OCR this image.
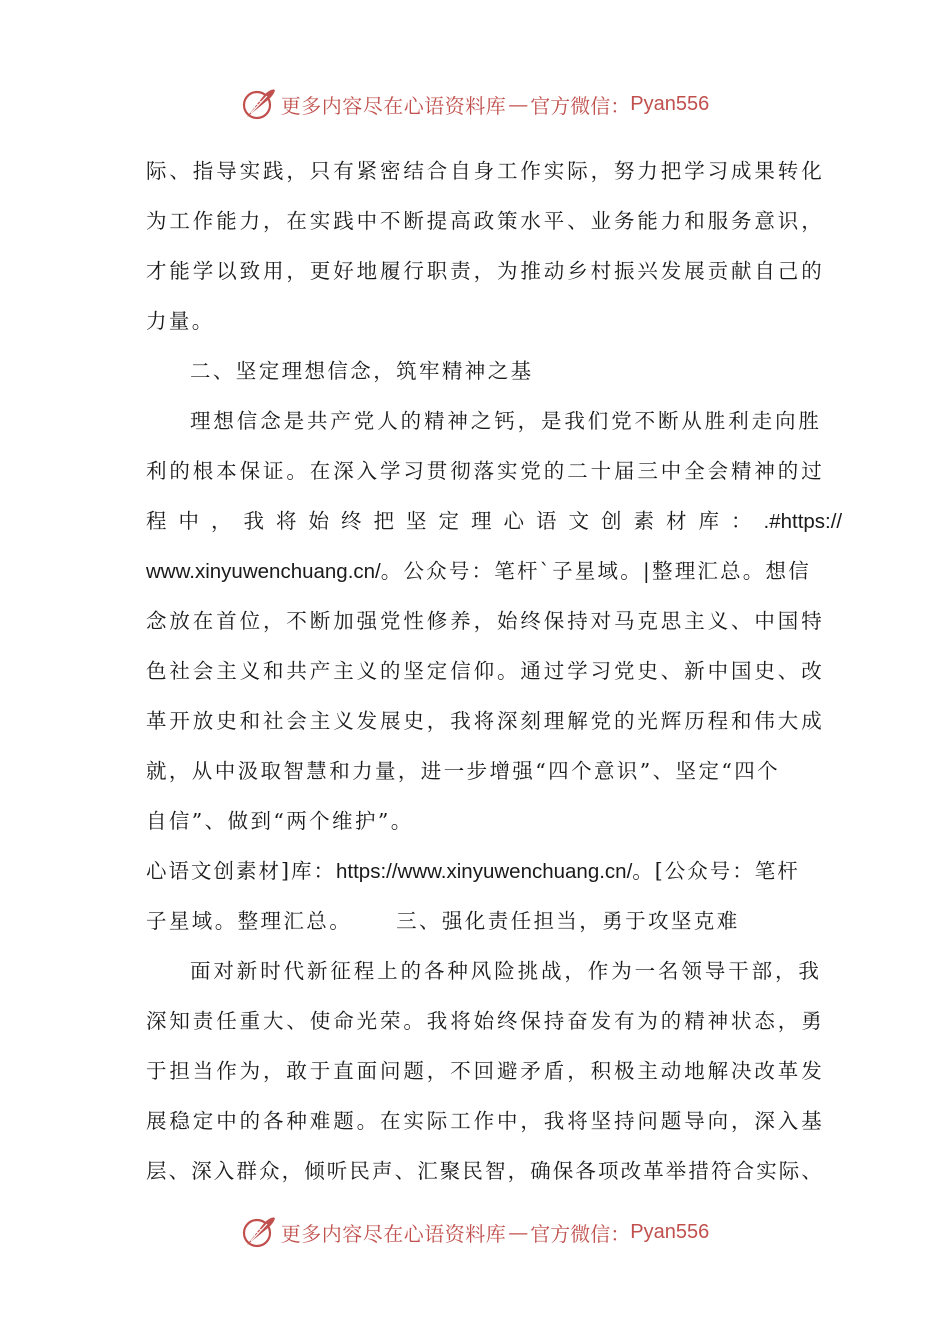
更多内容尽在心语资料库 — 官方微信： Pyan556
际、指导实践，只有紧密结合自身工作实际，努力把学习成果转化
为工作能力，在实践中不断提高政策水平、业务能力和服务意识，
才能学以致用，更好地履行职责，为推动乡村振兴发展贡献自己的
力量。
二、坚定理想信念，筑牢精神之基
理想信念是共产党人的精神之钙，是我们党不断从胜利走向胜
利的根本保证。在深入学习贯彻落实党的二十届三中全会精神的过
程中，我将始终把坚定理心语文创素材库：.#https://
www.xinyuwenchuang.cn/。公众号：笔杆`子星域。|整理汇总。想信
念放在首位，不断加强党性修养，始终保持对马克思主义、中国特
色社会主义和共产主义的坚定信仰。通过学习党史、新中国史、改
革开放史和社会主义发展史，我将深刻理解党的光辉历程和伟大成
就，从中汲取智慧和力量，进一步增强“四个意识”、坚定“四个
自信”、做到“两个维护”。
心语文创素材]库：https://www.xinyuwenchuang.cn/。[公众号：笔杆
子星域。整理汇总。 三、强化责任担当，勇于攻坚克难
面对新时代新征程上的各种风险挑战，作为一名领导干部，我
深知责任重大、使命光荣。我将始终保持奋发有为的精神状态，勇
于担当作为，敢于直面问题，不回避矛盾，积极主动地解决改革发
展稳定中的各种难题。在实际工作中，我将坚持问题导向，深入基
层、深入群众，倾听民声、汇聚民智，确保各项改革举措符合实际、
更多内容尽在心语资料库 — 官方微信： Pyan556
